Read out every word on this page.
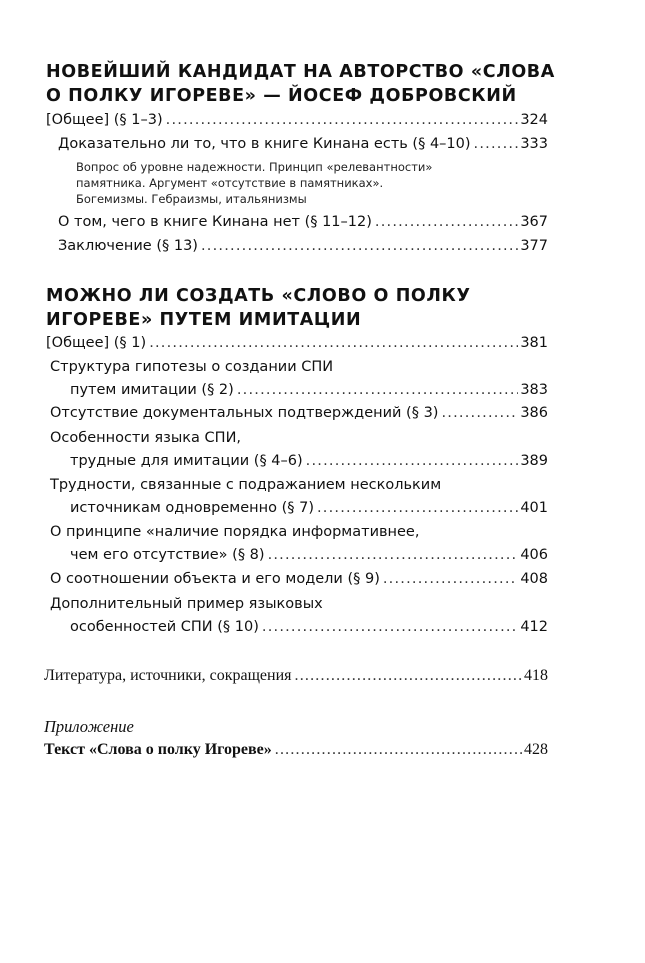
НОВЕЙШИЙ КАНДИДАТ НА АВТОРСТВО «СЛОВА
О ПОЛКУ ИГОРЕВЕ» — ЙОСЕФ ДОБРОВСКИЙ
[Общее] (§ 1–3) .....	324
Доказательно ли то, что в книге Кинана есть (§ 4–10) .....	333
Вопрос об уровне надежности. Принцип «релевантности»
памятника. Аргумент «отсутствие в памятниках».
Богемизмы. Гебраизмы, итальянизмы
О том, чего в книге Кинана нет (§ 11–12) .....	367
Заключение (§ 13) .....	377
МОЖНО ЛИ СОЗДАТЬ «СЛОВО О ПОЛКУ
ИГОРЕВЕ» ПУТЕМ ИМИТАЦИИ
[Общее] (§ 1) .....	381
Структура гипотезы о создании СПИ
путем имитации (§ 2) .....	383
Отсутствие документальных подтверждений (§ 3) .....	386
Особенности языка СПИ,
трудные для имитации (§ 4–6) .....	389
Трудности, связанные с подражанием нескольким
источникам одновременно (§ 7) .....	401
О принципе «наличие порядка информативнее,
чем его отсутствие» (§ 8) .....	406
О соотношении объекта и его модели (§ 9) .....	408
Дополнительный пример языковых
особенностей СПИ (§ 10) .....	412
Литература, источники, сокращения .....	418
Приложение
Текст «Слова о полку Игореве» .....	428
